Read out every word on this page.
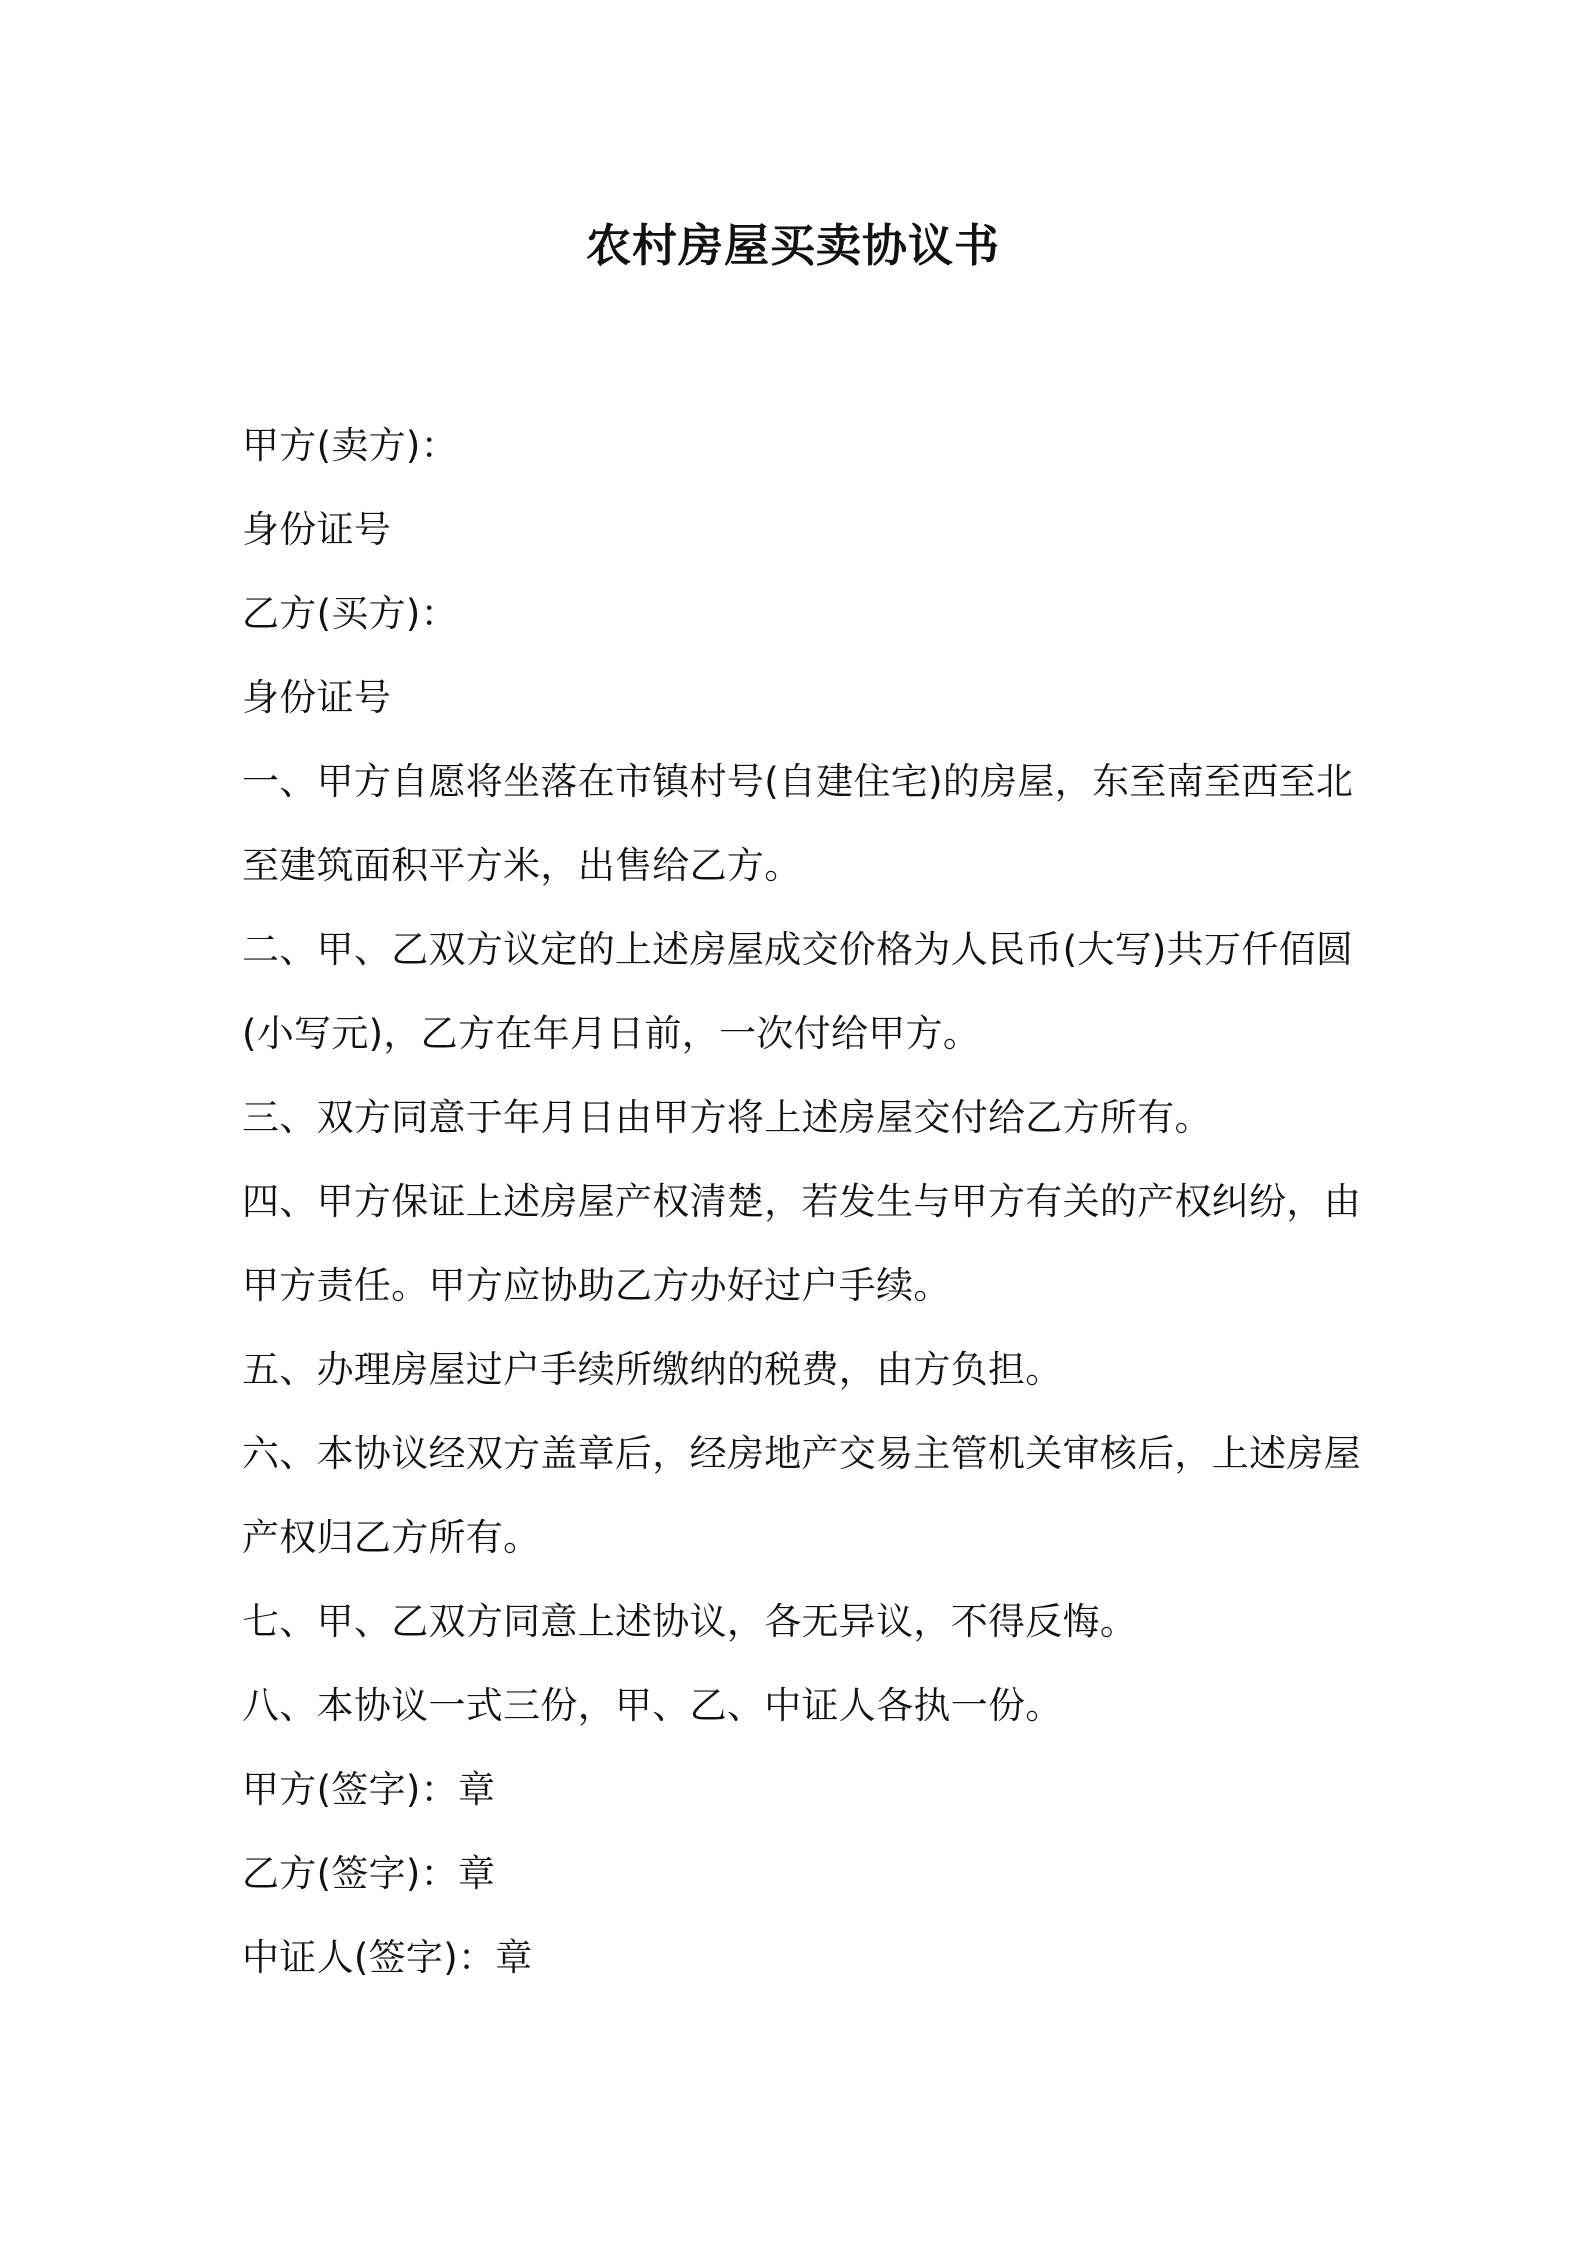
农村房屋买卖协议书
甲方(卖方)：
身份证号
乙方(买方)：
身份证号
一、甲方自愿将坐落在市镇村号(自建住宅)的房屋，东至南至西至北
至建筑面积平方米，出售给乙方。
二、甲、乙双方议定的上述房屋成交价格为人民币(大写)共万仟佰圆
(小写元)，乙方在年月日前，一次付给甲方。
三、双方同意于年月日由甲方将上述房屋交付给乙方所有。
四、甲方保证上述房屋产权清楚，若发生与甲方有关的产权纠纷，由
甲方责任。甲方应协助乙方办好过户手续。
五、办理房屋过户手续所缴纳的税费，由方负担。
六、本协议经双方盖章后，经房地产交易主管机关审核后，上述房屋
产权归乙方所有。
七、甲、乙双方同意上述协议，各无异议，不得反悔。
八、本协议一式三份，甲、乙、中证人各执一份。
甲方(签字)：章
乙方(签字)：章
中证人(签字)：章
